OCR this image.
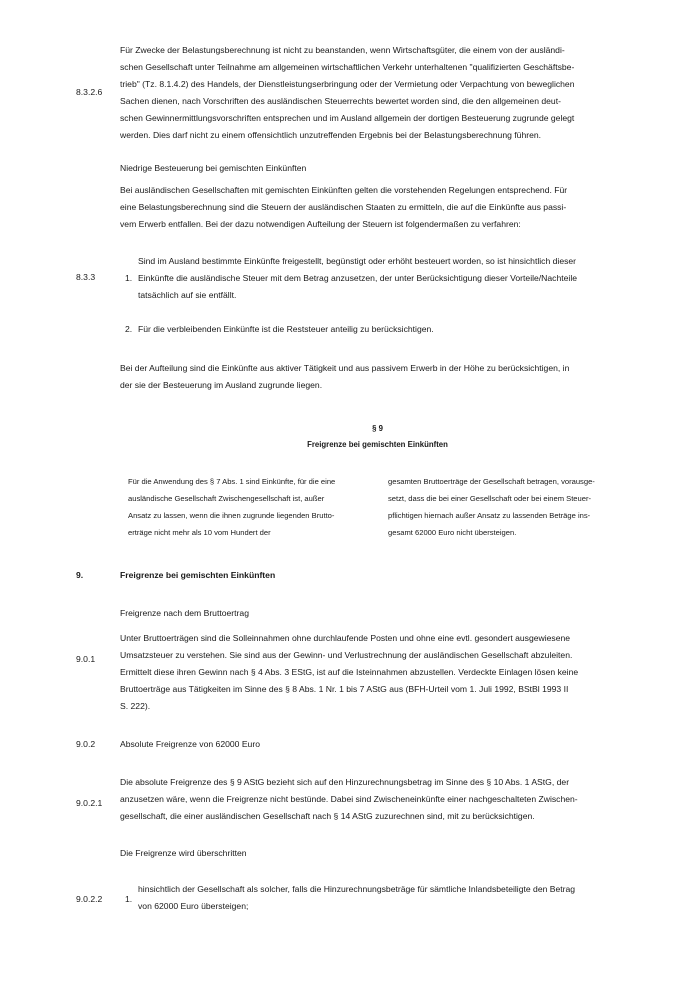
8.3.2.6
Für Zwecke der Belastungsberechnung ist nicht zu beanstanden, wenn Wirtschaftsgüter, die einem von der ausländi-
schen Gesellschaft unter Teilnahme am allgemeinen wirtschaftlichen Verkehr unterhaltenen "qualifizierten Geschäftsbe-
trieb" (Tz. 8.1.4.2) des Handels, der Dienstleistungserbringung oder der Vermietung oder Verpachtung von beweglichen
Sachen dienen, nach Vorschriften des ausländischen Steuerrechts bewertet worden sind, die den allgemeinen deut-
schen Gewinnermittlungsvorschriften entsprechen und im Ausland allgemein der dortigen Besteuerung zugrunde gelegt
werden. Dies darf nicht zu einem offensichtlich unzutreffenden Ergebnis bei der Belastungsberechnung führen.
Niedrige Besteuerung bei gemischten Einkünften
Bei ausländischen Gesellschaften mit gemischten Einkünften gelten die vorstehenden Regelungen entsprechend. Für
eine Belastungsberechnung sind die Steuern der ausländischen Staaten zu ermitteln, die auf die Einkünfte aus passi-
vem Erwerb entfallen. Bei der dazu notwendigen Aufteilung der Steuern ist folgendermaßen zu verfahren:
8.3.3	1.
Sind im Ausland bestimmte Einkünfte freigestellt, begünstigt oder erhöht besteuert worden, so ist hinsichtlich dieser
Einkünfte die ausländische Steuer mit dem Betrag anzusetzen, der unter Berücksichtigung dieser Vorteile/Nachteile
tatsächlich auf sie entfällt.
2. Für die verbleibenden Einkünfte ist die Reststeuer anteilig zu berücksichtigen.
Bei der Aufteilung sind die Einkünfte aus aktiver Tätigkeit und aus passivem Erwerb in der Höhe zu berücksichtigen, in
der sie der Besteuerung im Ausland zugrunde liegen.
§ 9
Freigrenze bei gemischten Einkünften
Für die Anwendung des § 7 Abs. 1 sind Einkünfte, für die eine
ausländische Gesellschaft Zwischengesellschaft ist, außer
Ansatz zu lassen, wenn die ihnen zugrunde liegenden Brutto-
erträge nicht mehr als 10 vom Hundert der
gesamten Bruttoerträge der Gesellschaft betragen, vorausge-
setzt, dass die bei einer Gesellschaft oder bei einem Steuer-
pflichtigen hiernach außer Ansatz zu lassenden Beträge ins-
gesamt 62000 Euro nicht übersteigen.
9.	Freigrenze bei gemischten Einkünften
Freigrenze nach dem Bruttoertrag
9.0.1
Unter Bruttoerträgen sind die Solleinnahmen ohne durchlaufende Posten und ohne eine evtl. gesondert ausgewiesene
Umsatzsteuer zu verstehen. Sie sind aus der Gewinn- und Verlustrechnung der ausländischen Gesellschaft abzuleiten.
Ermittelt diese ihren Gewinn nach § 4 Abs. 3 EStG, ist auf die Isteinnahmen abzustellen. Verdeckte Einlagen lösen keine
Bruttoerträge aus Tätigkeiten im Sinne des § 8 Abs. 1 Nr. 1 bis 7 AStG aus (BFH-Urteil vom 1. Juli 1992, BStBl 1993 II
S. 222).
9.0.2	Absolute Freigrenze von 62000 Euro
9.0.2.1
Die absolute Freigrenze des § 9 AStG bezieht sich auf den Hinzurechnungsbetrag im Sinne des § 10 Abs. 1 AStG, der
anzusetzen wäre, wenn die Freigrenze nicht bestünde. Dabei sind Zwischeneinkünfte einer nachgeschalteten Zwischen-
gesellschaft, die einer ausländischen Gesellschaft nach § 14 AStG zuzurechnen sind, mit zu berücksichtigen.
Die Freigrenze wird überschritten
9.0.2.2	1.
hinsichtlich der Gesellschaft als solcher, falls die Hinzurechnungsbeträge für sämtliche Inlandsbeteiligte den Betrag
von 62000 Euro übersteigen;
